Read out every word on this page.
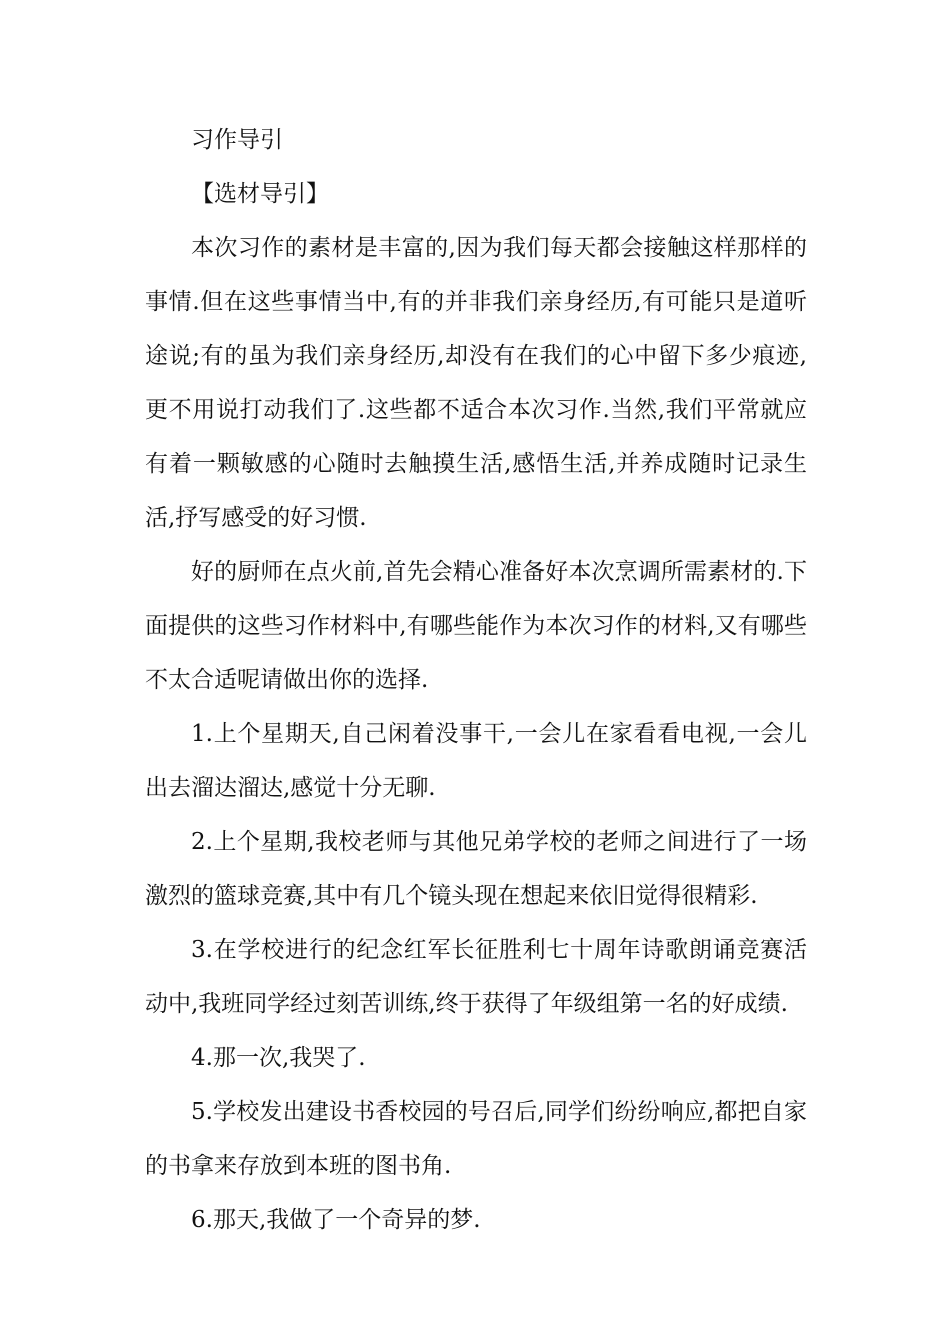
习作导引

【选材导引】

本次习作的素材是丰富的,因为我们每天都会接触这样那样的事情.但在这些事情当中,有的并非我们亲身经历,有可能只是道听途说;有的虽为我们亲身经历,却没有在我们的心中留下多少痕迹,更不用说打动我们了.这些都不适合本次习作.当然,我们平常就应有着一颗敏感的心随时去触摸生活,感悟生活,并养成随时记录生活,抒写感受的好习惯.

好的厨师在点火前,首先会精心准备好本次烹调所需素材的.下面提供的这些习作材料中,有哪些能作为本次习作的材料,又有哪些不太合适呢请做出你的选择.

1.上个星期天,自己闲着没事干,一会儿在家看看电视,一会儿出去溜达溜达,感觉十分无聊.

2.上个星期,我校老师与其他兄弟学校的老师之间进行了一场激烈的篮球竞赛,其中有几个镜头现在想起来依旧觉得很精彩.

3.在学校进行的纪念红军长征胜利七十周年诗歌朗诵竞赛活动中,我班同学经过刻苦训练,终于获得了年级组第一名的好成绩.

4.那一次,我哭了.

5.学校发出建设书香校园的号召后,同学们纷纷响应,都把自家的书拿来存放到本班的图书角.

6.那天,我做了一个奇异的梦.
